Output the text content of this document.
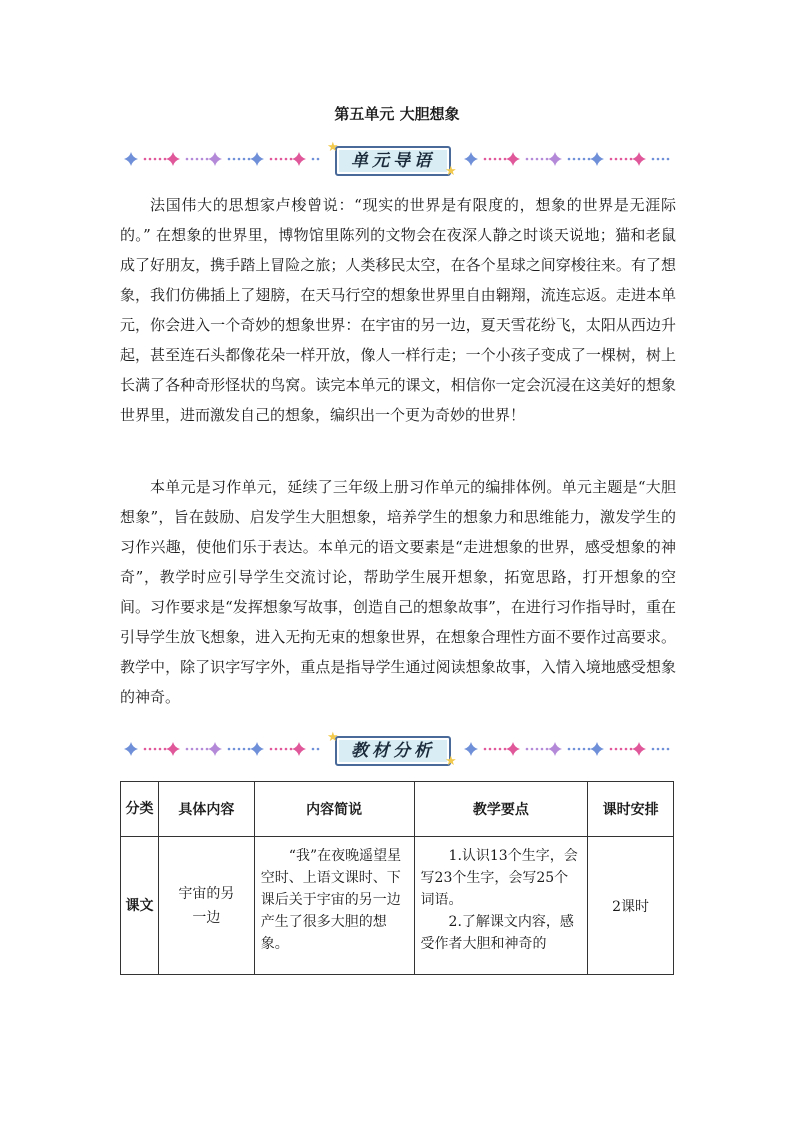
第五单元 大胆想象
单元导语
★
★

法国伟大的思想家卢梭曾说：“现实的世界是有限度的，想象的世界是无涯际的。” 在想象的世界里，博物馆里陈列的文物会在夜深人静之时谈天说地；猫和老鼠成了好朋友，携手踏上冒险之旅；人类移民太空，在各个星球之间穿梭往来。有了想象，我们仿佛插上了翅膀，在天马行空的想象世界里自由翱翔，流连忘返。走进本单元，你会进入一个奇妙的想象世界：在宇宙的另一边，夏天雪花纷飞，太阳从西边升起，甚至连石头都像花朵一样开放，像人一样行走；一个小孩子变成了一棵树，树上长满了各种奇形怪状的鸟窝。读完本单元的课文，相信你一定会沉浸在这美好的想象世界里，进而激发自己的想象，编织出一个更为奇妙的世界！

本单元是习作单元，延续了三年级上册习作单元的编排体例。单元主题是“大胆想象”，旨在鼓励、启发学生大胆想象，培养学生的想象力和思维能力，激发学生的习作兴趣，使他们乐于表达。本单元的语文要素是“走进想象的世界，感受想象的神奇”，教学时应引导学生交流讨论，帮助学生展开想象，拓宽思路，打开想象的空间。习作要求是“发挥想象写故事，创造自己的想象故事”，在进行习作指导时，重在引导学生放飞想象，进入无拘无束的想象世界，在想象合理性方面不要作过高要求。教学中，除了识字写字外，重点是指导学生通过阅读想象故事，入情入境地感受想象的神奇。

教材分析
★
★
分类	具体内容	内容简说	教学要点	课时安排
课文	宇宙的另一边	“我”在夜晚遥望星空时、上语文课时、下课后关于宇宙的另一边产生了很多大胆的想象。	1.认识13个生字，会写23个生字，会写25个词语。
2.了解课文内容，感受作者大胆和神奇的	2课时
